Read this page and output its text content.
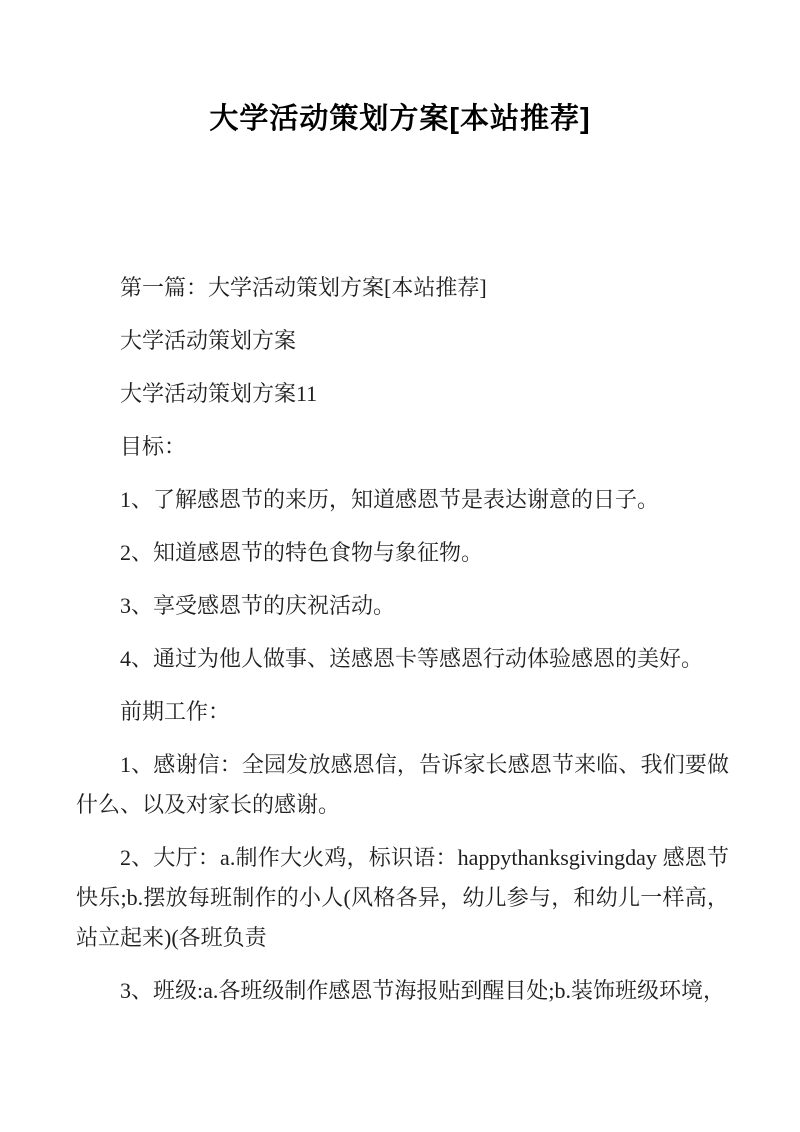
大学活动策划方案[本站推荐]

第一篇：大学活动策划方案[本站推荐]

大学活动策划方案

大学活动策划方案11

目标：

1、了解感恩节的来历，知道感恩节是表达谢意的日子。

2、知道感恩节的特色食物与象征物。

3、享受感恩节的庆祝活动。

4、通过为他人做事、送感恩卡等感恩行动体验感恩的美好。

前期工作：

1、感谢信：全园发放感恩信，告诉家长感恩节来临、我们要做什么、以及对家长的感谢。

2、大厅：a.制作大火鸡，标识语：happythanksgivingday 感恩节快乐;b.摆放每班制作的小人(风格各异，幼儿参与，和幼儿一样高，站立起来)(各班负责

3、班级:a.各班级制作感恩节海报贴到醒目处;b.装饰班级环境，
